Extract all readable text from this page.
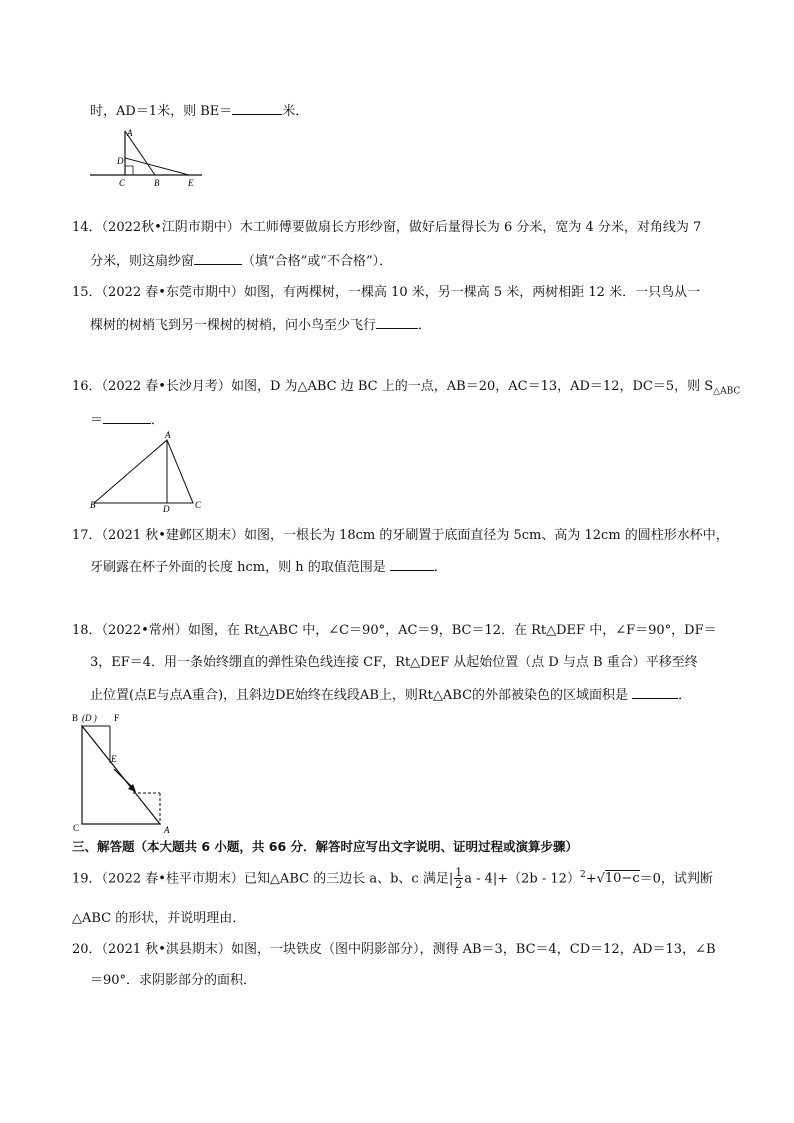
时，AD＝1米，则 BE＝	米．
A
D
C	B	E
14．（2022秋•江阴市期中）木工师傅要做扇长方形纱窗，做好后量得长为 6 分米，宽为 4 分米，对角线为 7
分米，则这扇纱窗	（填“合格”或“不合格”）．
15．（2022 春•东莞市期中）如图，有两棵树，一棵高 10 米，另一棵高 5 米，两树相距 12 米．一只鸟从一
棵树的树梢飞到另一棵树的树梢，问小鸟至少飞行	．
16．（2022 春•长沙月考）如图，D 为△ABC 边 BC 上的一点，AB＝20，AC＝13，AD＝12，DC＝5，则 $S_{\triangle ABC}$
＝	．
A
B	D	C
17．（2021 秋•建邺区期末）如图，一根长为 18cm 的牙刷置于底面直径为 5cm、高为 12cm 的圆柱形水杯中，
牙刷露在杯子外面的长度 hcm，则 h 的取值范围是	．
18．（2022•常州）如图，在 Rt△ABC 中，∠C＝90°，AC＝9，BC＝12．在 Rt△DEF 中，∠F＝90°，DF＝
3，EF＝4．用一条始终绷直的弹性染色线连接 CF，Rt△DEF 从起始位置（点 D 与点 B 重合）平移至终
止位置(点E与点A重合)，且斜边DE始终在线段AB上，则Rt△ABC的外部被染色的区域面积是	．
B (D ) F
E
C	A
三、解答题（本大题共 6 小题，共 66 分．解答时应写出文字说明、证明过程或演算步骤）
19．（2022 春•桂平市期末）已知△ABC 的三边长 a、b、c 满足| $\frac{1}{2}$ a - 4|+（2b - 12）$^2$+√10−c＝0，试判断
△ABC 的形状，并说明理由．
20．（2021 秋•淇县期末）如图，一块铁皮（图中阴影部分），测得 AB＝3，BC＝4，CD＝12，AD＝13，∠B
＝90°．求阴影部分的面积．
